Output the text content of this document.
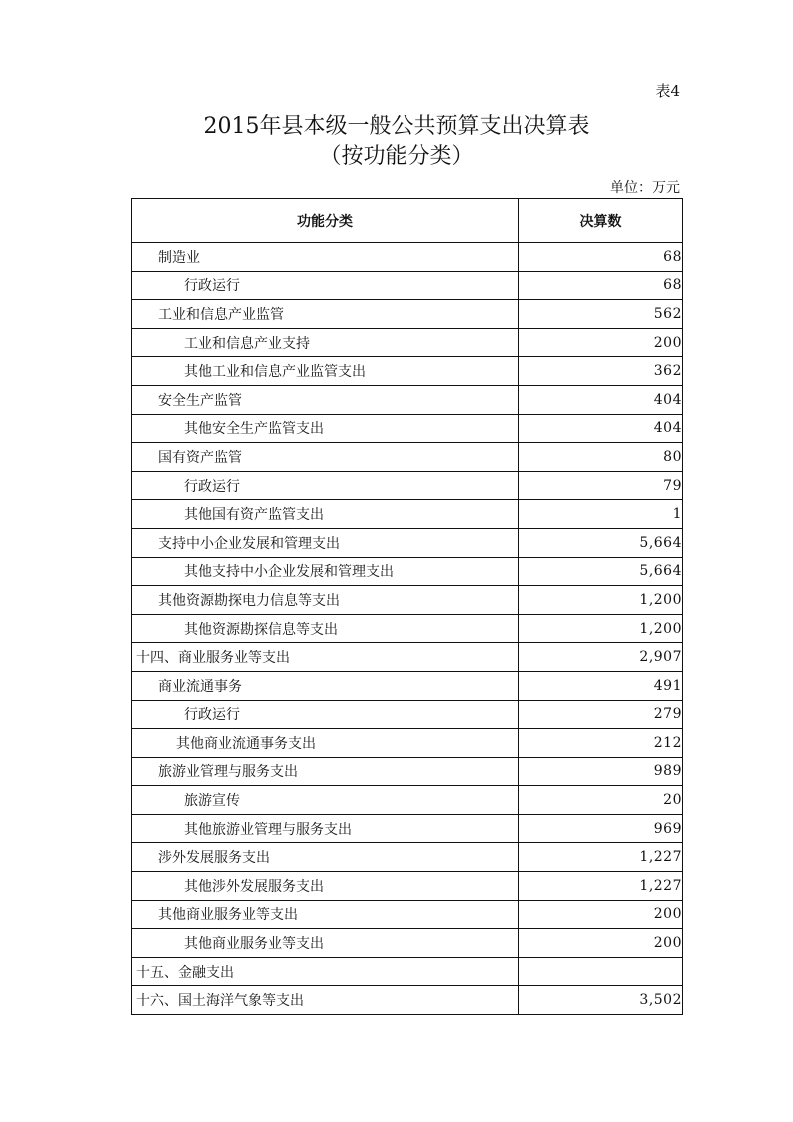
表4
2015年县本级一般公共预算支出决算表
（按功能分类）
单位：万元
功能分类	决算数
制造业	68
行政运行	68
工业和信息产业监管	562
工业和信息产业支持	200
其他工业和信息产业监管支出	362
安全生产监管	404
其他安全生产监管支出	404
国有资产监管	80
行政运行	79
其他国有资产监管支出	1
支持中小企业发展和管理支出	5,664
其他支持中小企业发展和管理支出	5,664
其他资源勘探电力信息等支出	1,200
其他资源勘探信息等支出	1,200
十四、商业服务业等支出	2,907
商业流通事务	491
行政运行	279
其他商业流通事务支出	212
旅游业管理与服务支出	989
旅游宣传	20
其他旅游业管理与服务支出	969
涉外发展服务支出	1,227
其他涉外发展服务支出	1,227
其他商业服务业等支出	200
其他商业服务业等支出	200
十五、金融支出	
十六、国土海洋气象等支出	3,502
